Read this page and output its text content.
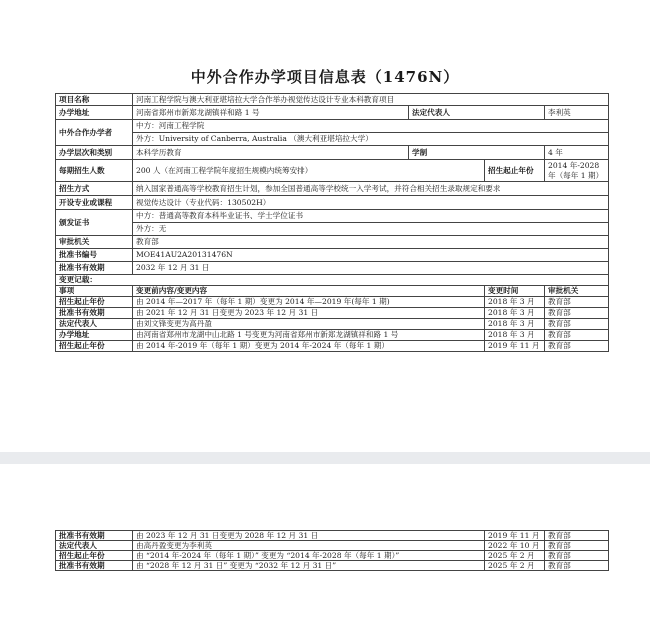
中外合作办学项目信息表（1476N）
项目名称	河南工程学院与澳大利亚堪培拉大学合作举办视觉传达设计专业本科教育项目			
办学地址	河南省郑州市新郑龙湖镇祥和路 1 号	法定代表人		李利英
中外合作办学者	中方：河南工程学院			
	外方：University of Canberra, Australia （澳大利亚堪培拉大学）			
办学层次和类别	本科学历教育	学制		4 年
每期招生人数	200 人（在河南工程学院年度招生规模内统筹安排）		招生起止年份	2014 年-2028 年（每年 1 期）
招生方式	纳入国家普通高等学校教育招生计划，参加全国普通高等学校统一入学考试，并符合相关招生录取规定和要求			
开设专业或课程	视觉传达设计（专业代码：130502H）			
颁发证书	中方：普通高等教育本科毕业证书、学士学位证书			
	外方：无			
审批机关	教育部			
批准书编号	MOE41AU2A20131476N			
批准书有效期	2032 年 12 月 31 日			
变更记载：				
事项	变更前内容/变更内容		变更时间	审批机关
招生起止年份	由 2014 年—2017 年（每年 1 期）变更为 2014 年—2019 年(每年 1 期)		2018 年 3 月	教育部
批准书有效期	由 2021 年 12 月 31 日变更为 2023 年 12 月 31 日		2018 年 3 月	教育部
法定代表人	由刘文锋变更为高丹盈		2018 年 3 月	教育部
办学地址	由河南省郑州市龙湖中山北路 1 号变更为河南省郑州市新郑龙湖镇祥和路 1 号		2018 年 3 月	教育部
招生起止年份	由 2014 年-2019 年（每年 1 期）变更为 2014 年-2024 年（每年 1 期）		2019 年 11 月	教育部
批准书有效期	由 2023 年 12 月 31 日变更为 2028 年 12 月 31 日	2019 年 11 月	教育部
法定代表人	由高丹盈变更为李利英	2022 年 10 月	教育部
招生起止年份	由 “2014 年-2024 年（每年 1 期）” 变更为 “2014 年-2028 年（每年 1 期）”	2025 年 2 月	教育部
批准书有效期	由 “2028 年 12 月 31 日” 变更为 “2032 年 12 月 31 日”	2025 年 2 月	教育部
